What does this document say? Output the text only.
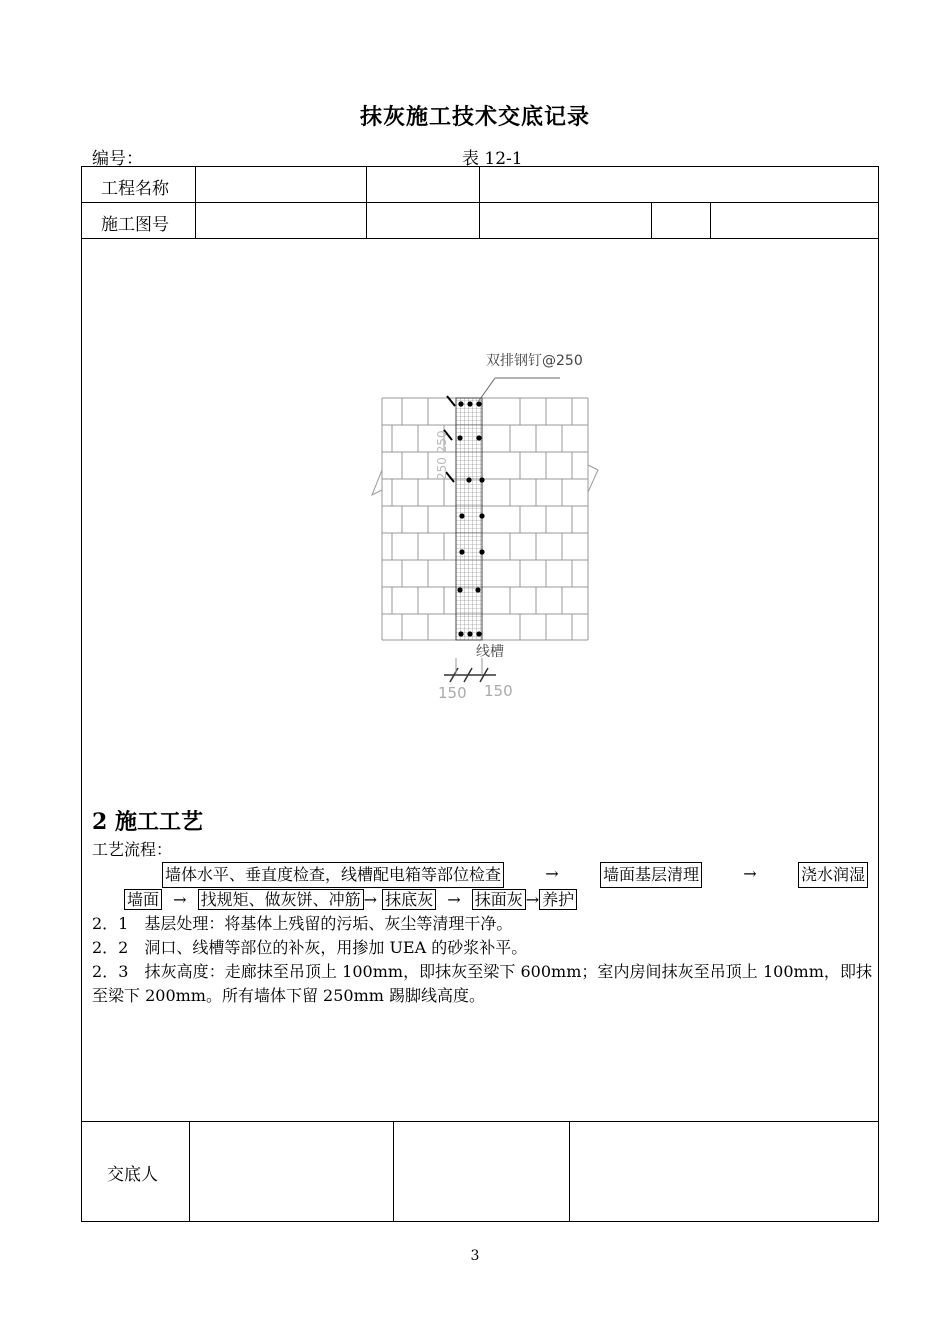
抹灰施工技术交底记录
编号：	表 12-1
工程名称
施工图号
交底人
双排钢钉@250
250 250
线槽
150 150
2 施工工艺
工艺流程：
墙体水平、垂直度检查，线槽配电箱等部位检查	→	墙面基层清理	→	浇水润湿
墙面 → 找规矩、做灰饼、冲筋 → 抹底灰 → 抹面灰 → 养护
2．1　基层处理：将基体上残留的污垢、灰尘等清理干净。
2．2　洞口、线槽等部位的补灰，用掺加 UEA 的砂浆补平。
2．3　抹灰高度：走廊抹至吊顶上 100mm，即抹灰至梁下 600mm；室内房间抹灰至吊顶上 100mm，即抹至梁下 200mm。所有墙体下留 250mm 踢脚线高度。
3
